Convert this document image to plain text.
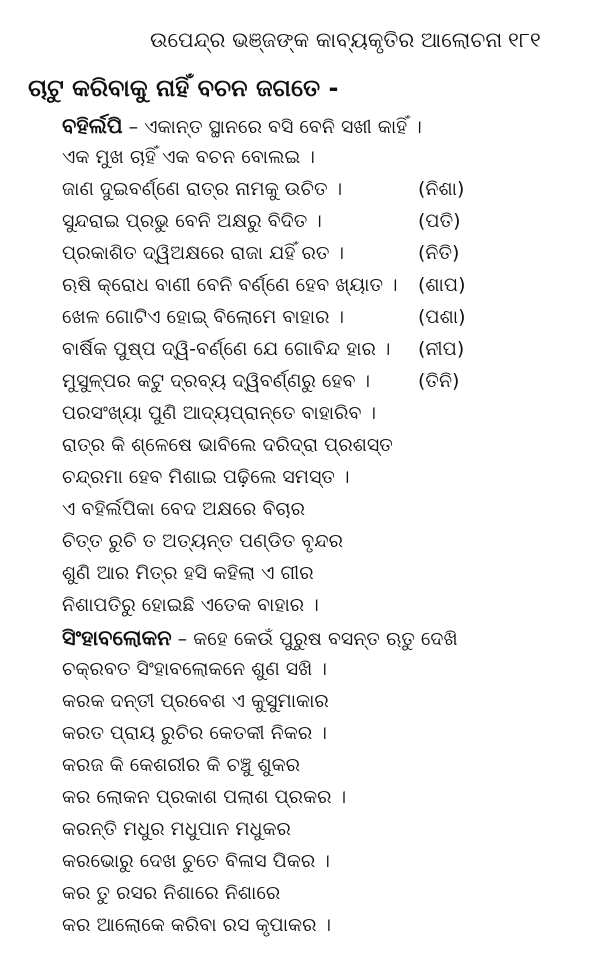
ଉପେନ୍ଦ୍ର ଭଞ୍ଜଙ୍କ କାବ୍ୟକୃତିର ଆଲୋଚନା ୧୮୧
ଚାଟୁ କରିବାକୁ ନାହିଁ ବଚନ ଜଗତେ -
ବହିର୍ଲପି – ଏକାନ୍ତ ସ୍ଥାନରେ ବସି ବେନି ସଖୀ କାହିଁ ।
ଏକ ମୁଖ ଚାହିଁ ଏକ ବଚନ ବୋଲଇ ।
ଜାଣ ଦୁଇବର୍ଣ୍ଣେ ରାତ୍ର ନାମକୁ ଉଚିତ ।
ସୁନ୍ଦରାଇ ପ୍ରଭୁ ବେନି ଅକ୍ଷରୁ ବିଦିତ ।
ପ୍ରକାଶିତ ଦ୍ୱିଅକ୍ଷରେ ରାଜା ଯହିଁ ରତ ।
ଋଷି କ୍ରୋଧ ବାଣୀ ବେନି ବର୍ଣ୍ଣେ ହେବ ଖ୍ୟାତ ।
ଖେଳ ଗୋଟିଏ ହୋଇ୍ ବିଲୋମେ ବାହାର ।
ବାର୍ଷିକ ପୁଷ୍ପ ଦ୍ୱି-ବର୍ଣ୍ଣେ ଯେ ଗୋବିନ୍ଦ ହାର ।
ମୁସୁଳ୍ପର କଟୁ ଦ୍ରବ୍ୟ ଦ୍ୱିବର୍ଣ୍ଣରୁ ହେବ ।
ପରସଂଖ୍ୟା ପୁଣି ଆଦ୍ୟପ୍ରାନ୍ତେ ବାହାରିବ ।
ରାତ୍ର କି ଶ୍ଳେଷେ ଭାବିଲେ ଦରିଦ୍ରା ପ୍ରଶସ୍ତ
ଚନ୍ଦ୍ରମା ହେବ ମିଶାଇ ପଢ଼ିଲେ ସମସ୍ତ ।
ଏ ବହିର୍ଲପିକା ବେଦ ଅକ୍ଷରେ ବିଚାର
ଚିତ୍ତ ରୁଚି ତ ଅତ୍ୟନ୍ତ ପଣ୍ଡିତ ବୃନ୍ଦର
ଶୁଣି ଆର ମିତ୍ର ହସି କହିଲା ଏ ଗୀର
ନିଶାପତିରୁ ହୋଇଛି ଏତେକ ବାହାର ।
(ନିଶା)
(ପତି)
(ନିତି)
(ଶାପ)
(ପଶା)
(ନୀପ)
(ତିନି)
ସିଂହାବଲୋକନ – କହେ କେଉଁ ପୁରୁଷ ବସନ୍ତ ଋତୁ ଦେଖି
ଚକ୍ରବତ ସିଂହାବଲୋକନେ ଶୁଣ ସଖି ।
କରକ ଦନ୍ତୀ ପ୍ରବେଶ ଏ କୁସୁମାକାର
କରତ ପ୍ରାୟ ରୁଚିର କେତକୀ ନିକର ।
କରଜ କି କେଶରୀର କି ଚଞ୍ଚୁ ଶୁକର
କର ଲୋକନ ପ୍ରକାଶ ପଲାଶ ପ୍ରକର ।
କରନ୍ତି ମଧୁର ମଧୁପାନ ମଧୁକର
କରଭୋରୁ ଦେଖ ଚୁତେ ବିଳାସ ପିକର ।
କର ତୁ ରସର ନିଶାରେ ନିଶାରେ
କର ଆଲୋକେ କରିବା ରସ କୃପାକର ।
